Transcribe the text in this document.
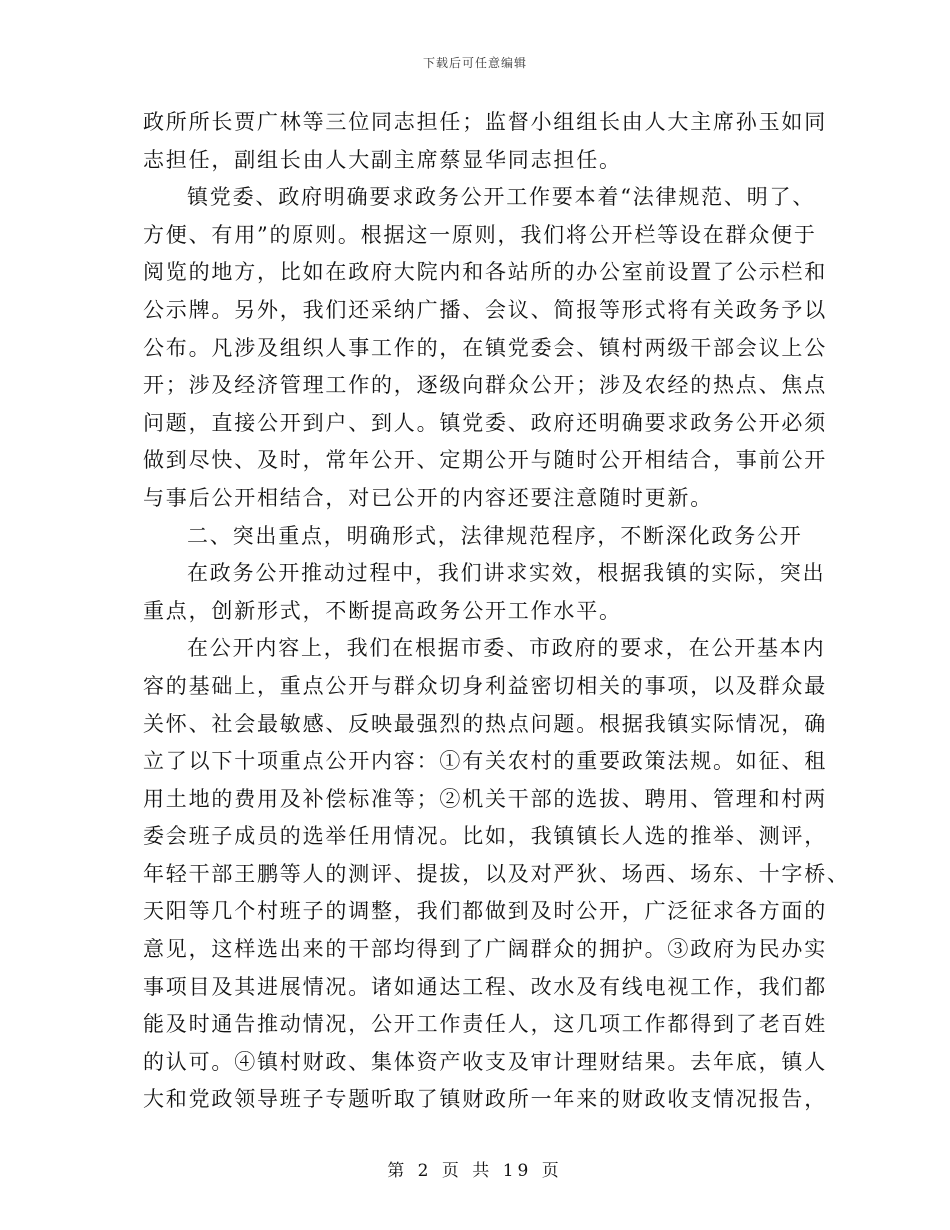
下载后可任意编辑
政所所长贾广林等三位同志担任；监督小组组长由人大主席孙玉如同
志担任，副组长由人大副主席蔡显华同志担任。
镇党委、政府明确要求政务公开工作要本着“法律规范、明了、
方便、有用”的原则。根据这一原则，我们将公开栏等设在群众便于
阅览的地方，比如在政府大院内和各站所的办公室前设置了公示栏和
公示牌。另外，我们还采纳广播、会议、简报等形式将有关政务予以
公布。凡涉及组织人事工作的，在镇党委会、镇村两级干部会议上公
开；涉及经济管理工作的，逐级向群众公开；涉及农经的热点、焦点
问题，直接公开到户、到人。镇党委、政府还明确要求政务公开必须
做到尽快、及时，常年公开、定期公开与随时公开相结合，事前公开
与事后公开相结合，对已公开的内容还要注意随时更新。
二、突出重点，明确形式，法律规范程序，不断深化政务公开
在政务公开推动过程中，我们讲求实效，根据我镇的实际，突出
重点，创新形式，不断提高政务公开工作水平。
在公开内容上，我们在根据市委、市政府的要求，在公开基本内
容的基础上，重点公开与群众切身利益密切相关的事项，以及群众最
关怀、社会最敏感、反映最强烈的热点问题。根据我镇实际情况，确
立了以下十项重点公开内容：①有关农村的重要政策法规。如征、租
用土地的费用及补偿标准等；②机关干部的选拔、聘用、管理和村两
委会班子成员的选举任用情况。比如，我镇镇长人选的推举、测评，
年轻干部王鹏等人的测评、提拔，以及对严狄、场西、场东、十字桥、
天阳等几个村班子的调整，我们都做到及时公开，广泛征求各方面的
意见，这样选出来的干部均得到了广阔群众的拥护。③政府为民办实
事项目及其进展情况。诸如通达工程、改水及有线电视工作，我们都
能及时通告推动情况，公开工作责任人，这几项工作都得到了老百姓
的认可。④镇村财政、集体资产收支及审计理财结果。去年底，镇人
大和党政领导班子专题听取了镇财政所一年来的财政收支情况报告，
第 2 页 共 19 页
